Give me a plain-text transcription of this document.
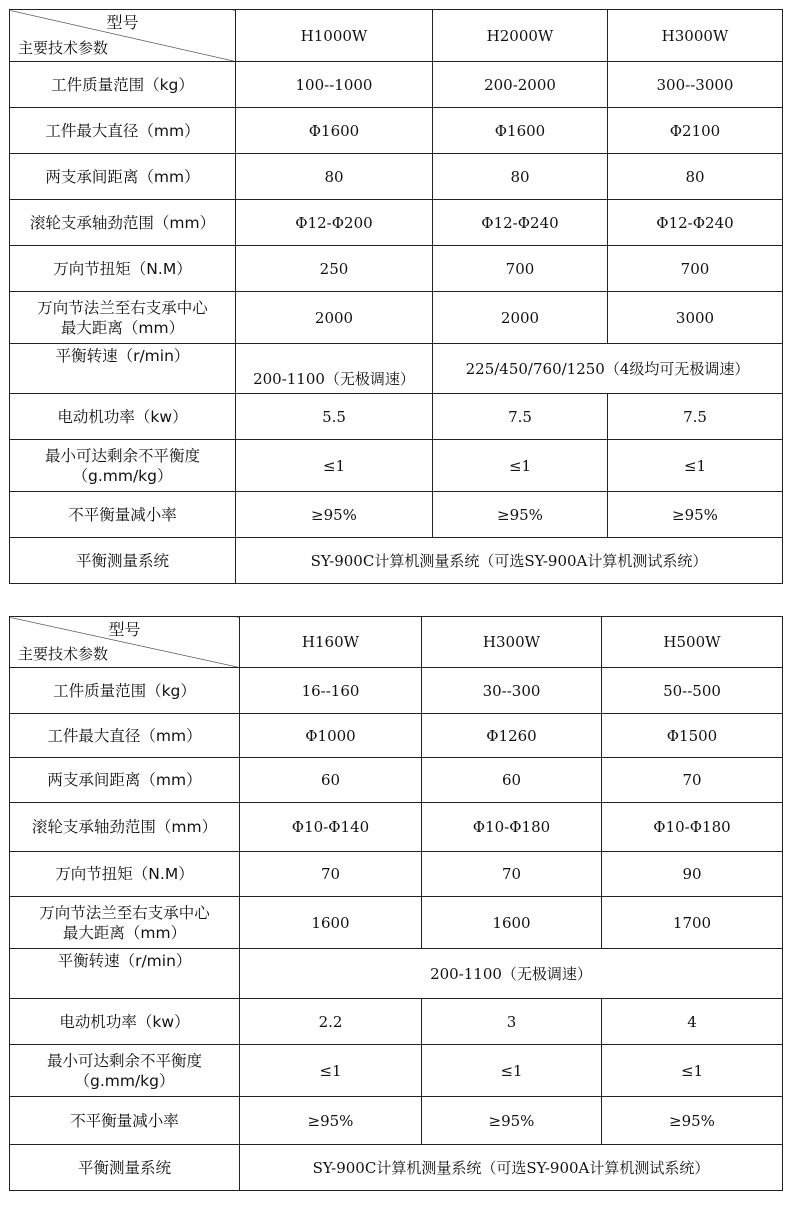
型号
主要技术参数	H1000W	H2000W	H3000W
工件质量范围（kg）	100--1000	200-2000	300--3000
工件最大直径（mm）	Φ1600	Φ1600	Φ2100
两支承间距离（mm）	80	80	80
滚轮支承轴劲范围（mm）	Φ12-Φ200	Φ12-Φ240	Φ12-Φ240
万向节扭矩（N.M）	250	700	700
万向节法兰至右支承中心
最大距离（mm）	2000	2000	3000
平衡转速（r/min）	200-1100（无极调速）	225/450/760/1250（4级均可无极调速）	
电动机功率（kw）	5.5	7.5	7.5
最小可达剩余不平衡度
（g.mm/kg）	≤1	≤1	≤1
不平衡量减小率	≥95%	≥95%	≥95%
平衡测量系统	SY-900C计算机测量系统（可选SY-900A计算机测试系统）		
型号
主要技术参数	H160W	H300W	H500W
工件质量范围（kg）	16--160	30--300	50--500
工件最大直径（mm）	Φ1000	Φ1260	Φ1500
两支承间距离（mm）	60	60	70
滚轮支承轴劲范围（mm）	Φ10-Φ140	Φ10-Φ180	Φ10-Φ180
万向节扭矩（N.M）	70	70	90
万向节法兰至右支承中心
最大距离（mm）	1600	1600	1700
平衡转速（r/min）	200-1100（无极调速）		
电动机功率（kw）	2.2	3	4
最小可达剩余不平衡度
（g.mm/kg）	≤1	≤1	≤1
不平衡量减小率	≥95%	≥95%	≥95%
平衡测量系统	SY-900C计算机测量系统（可选SY-900A计算机测试系统）		
